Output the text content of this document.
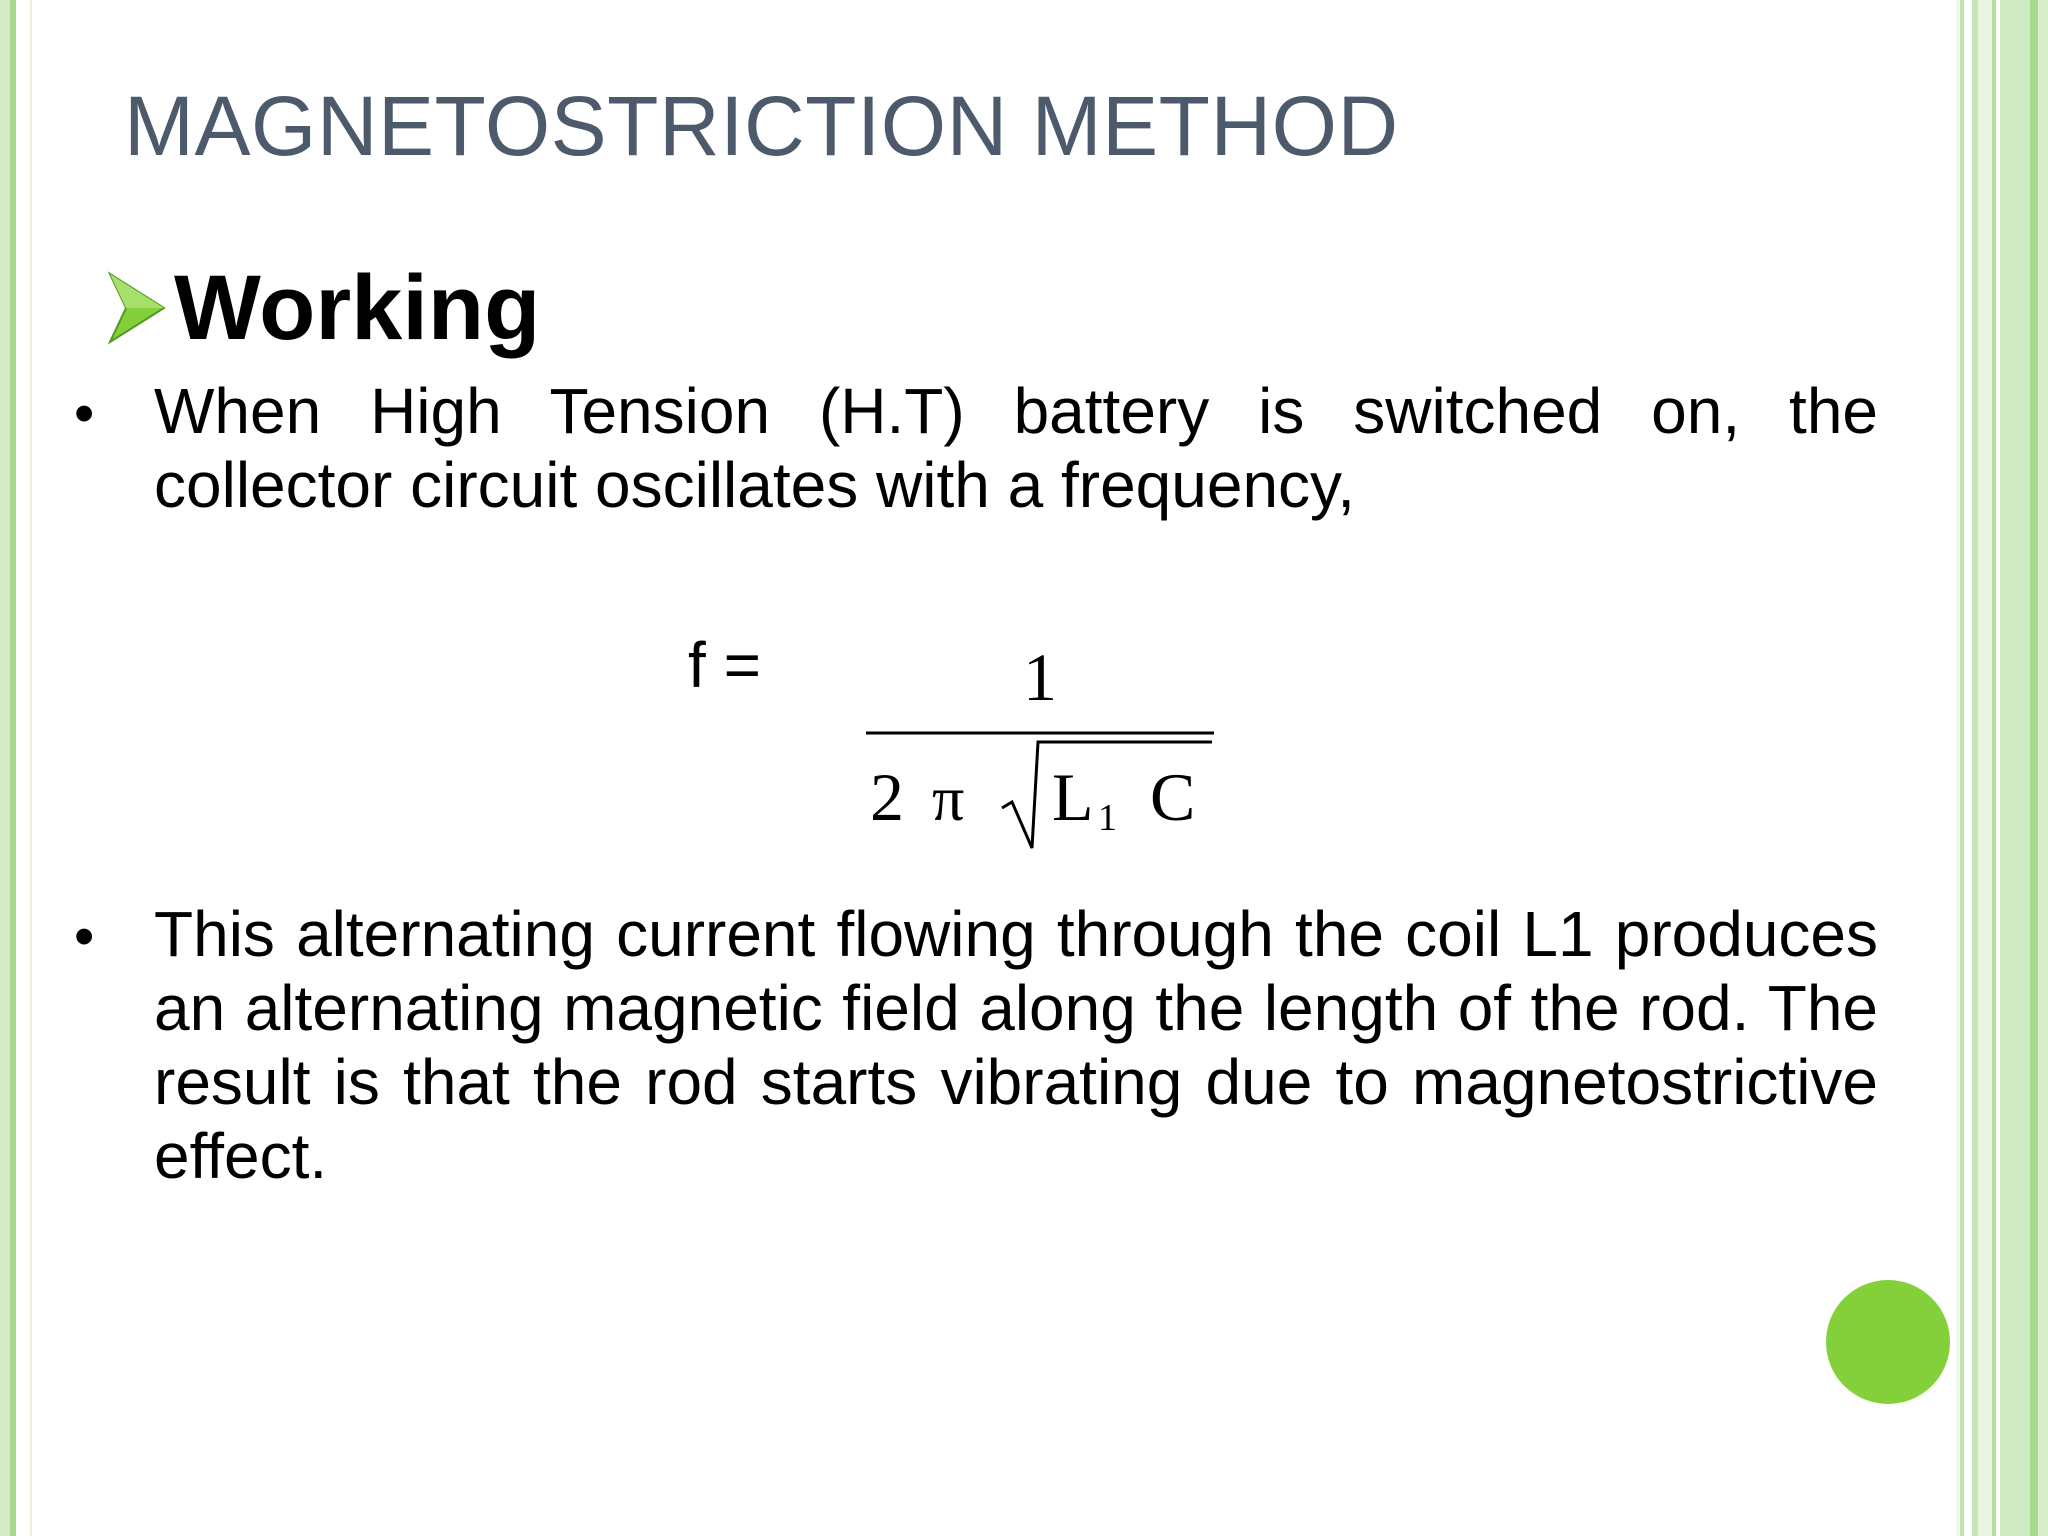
MAGNETOSTRICTION METHOD
Working
• When High Tension (H.T) battery is switched on, the collector circuit oscillates with a frequency,
f =	1
2 π L 1 C
• This alternating current flowing through the coil L1 produces an alternating magnetic field along the length of the rod. The result is that the rod starts vibrating due to magnetostrictive effect.
